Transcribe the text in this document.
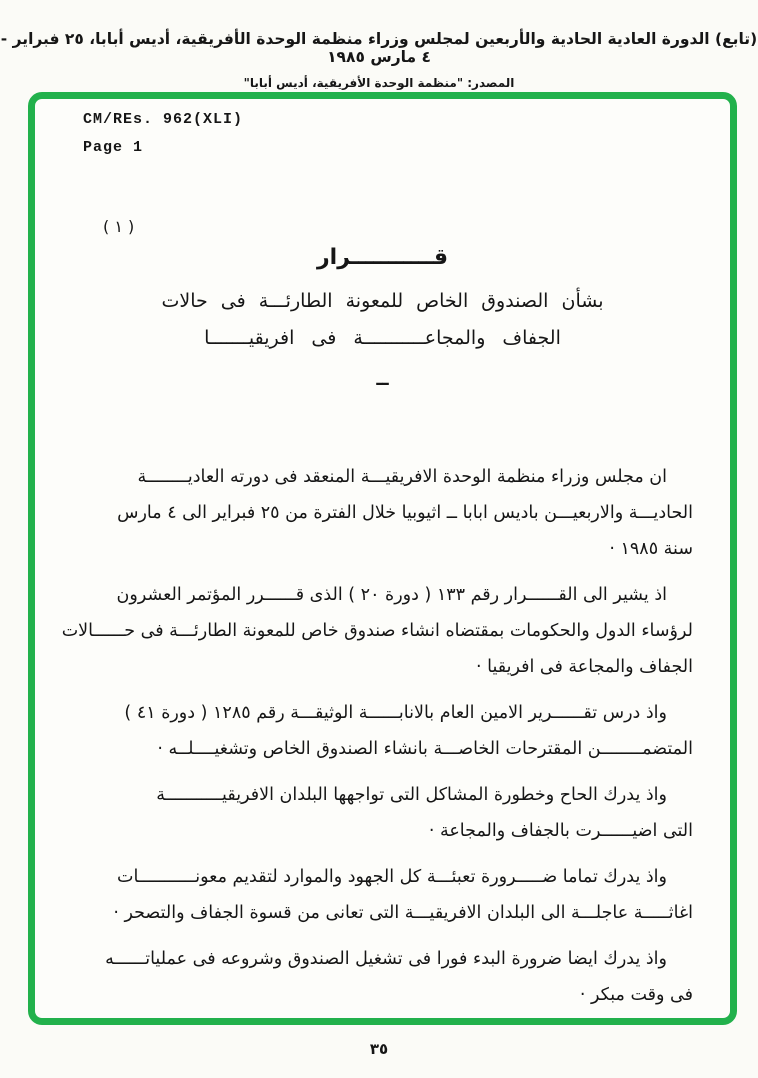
(تابع) الدورة العادية الحادية والأربعين لمجلس وزراء منظمة الوحدة الأفريقية، أديس أبابا، ٢٥ فبراير - ٤ مارس ١٩٨٥
المصدر: "منظمة الوحدة الأفريقية، أديس أبابا"
CM/REs. 962(XLI)
Page 1
( ١ )
قـــــــــــرار
بشأن الصندوق الخاص للمعونة الطارئـــة فى حالات
الجفاف والمجاعـــــــــــة فى افريقيـــــــا
ــ

ان مجلس وزراء منظمة الوحدة الافريقيـــة المنعقد فى دورته العاديــــــــة
الحاديـــة والاربعيـــن باديس ابابا ــ اثيوبيا خلال الفترة من ٢٥ فبراير الى ٤ مارس
سنة ١٩٨٥ ·

اذ يشير الى القــــــرار رقم ١٣٣ ( دورة ٢٠ ) الذى قــــــرر المؤتمر العشرون
لرؤساء الدول والحكومات بمقتضاه انشاء صندوق خاص للمعونة الطارئـــة فى حــــــالات
الجفاف والمجاعة فى افريقيا ·

واذ درس تقــــــرير الامين العام بالانابــــــة الوثيقـــة رقم ١٢٨٥ ( دورة ٤١ )
المتضمــــــــن المقترحات الخاصـــة بانشاء الصندوق الخاص وتشغيــــلــه ·

واذ يدرك الحاح وخطورة المشاكل التى تواجهها البلدان الافريقيـــــــــــة
التى اضيــــــرت بالجفاف والمجاعة ·

واذ يدرك تماما ضـــــرورة تعبئـــة كل الجهود والموارد لتقديم معونـــــــــــات
اغاثـــــة عاجلـــة الى البلدان الافريقيـــة التى تعانى من قسوة الجفاف والتصحر ·

واذ يدرك ايضا ضرورة البدء فورا فى تشغيل الصندوق وشروعه فى عملياتــــــه
فى وقت مبكر ·

٣٥
